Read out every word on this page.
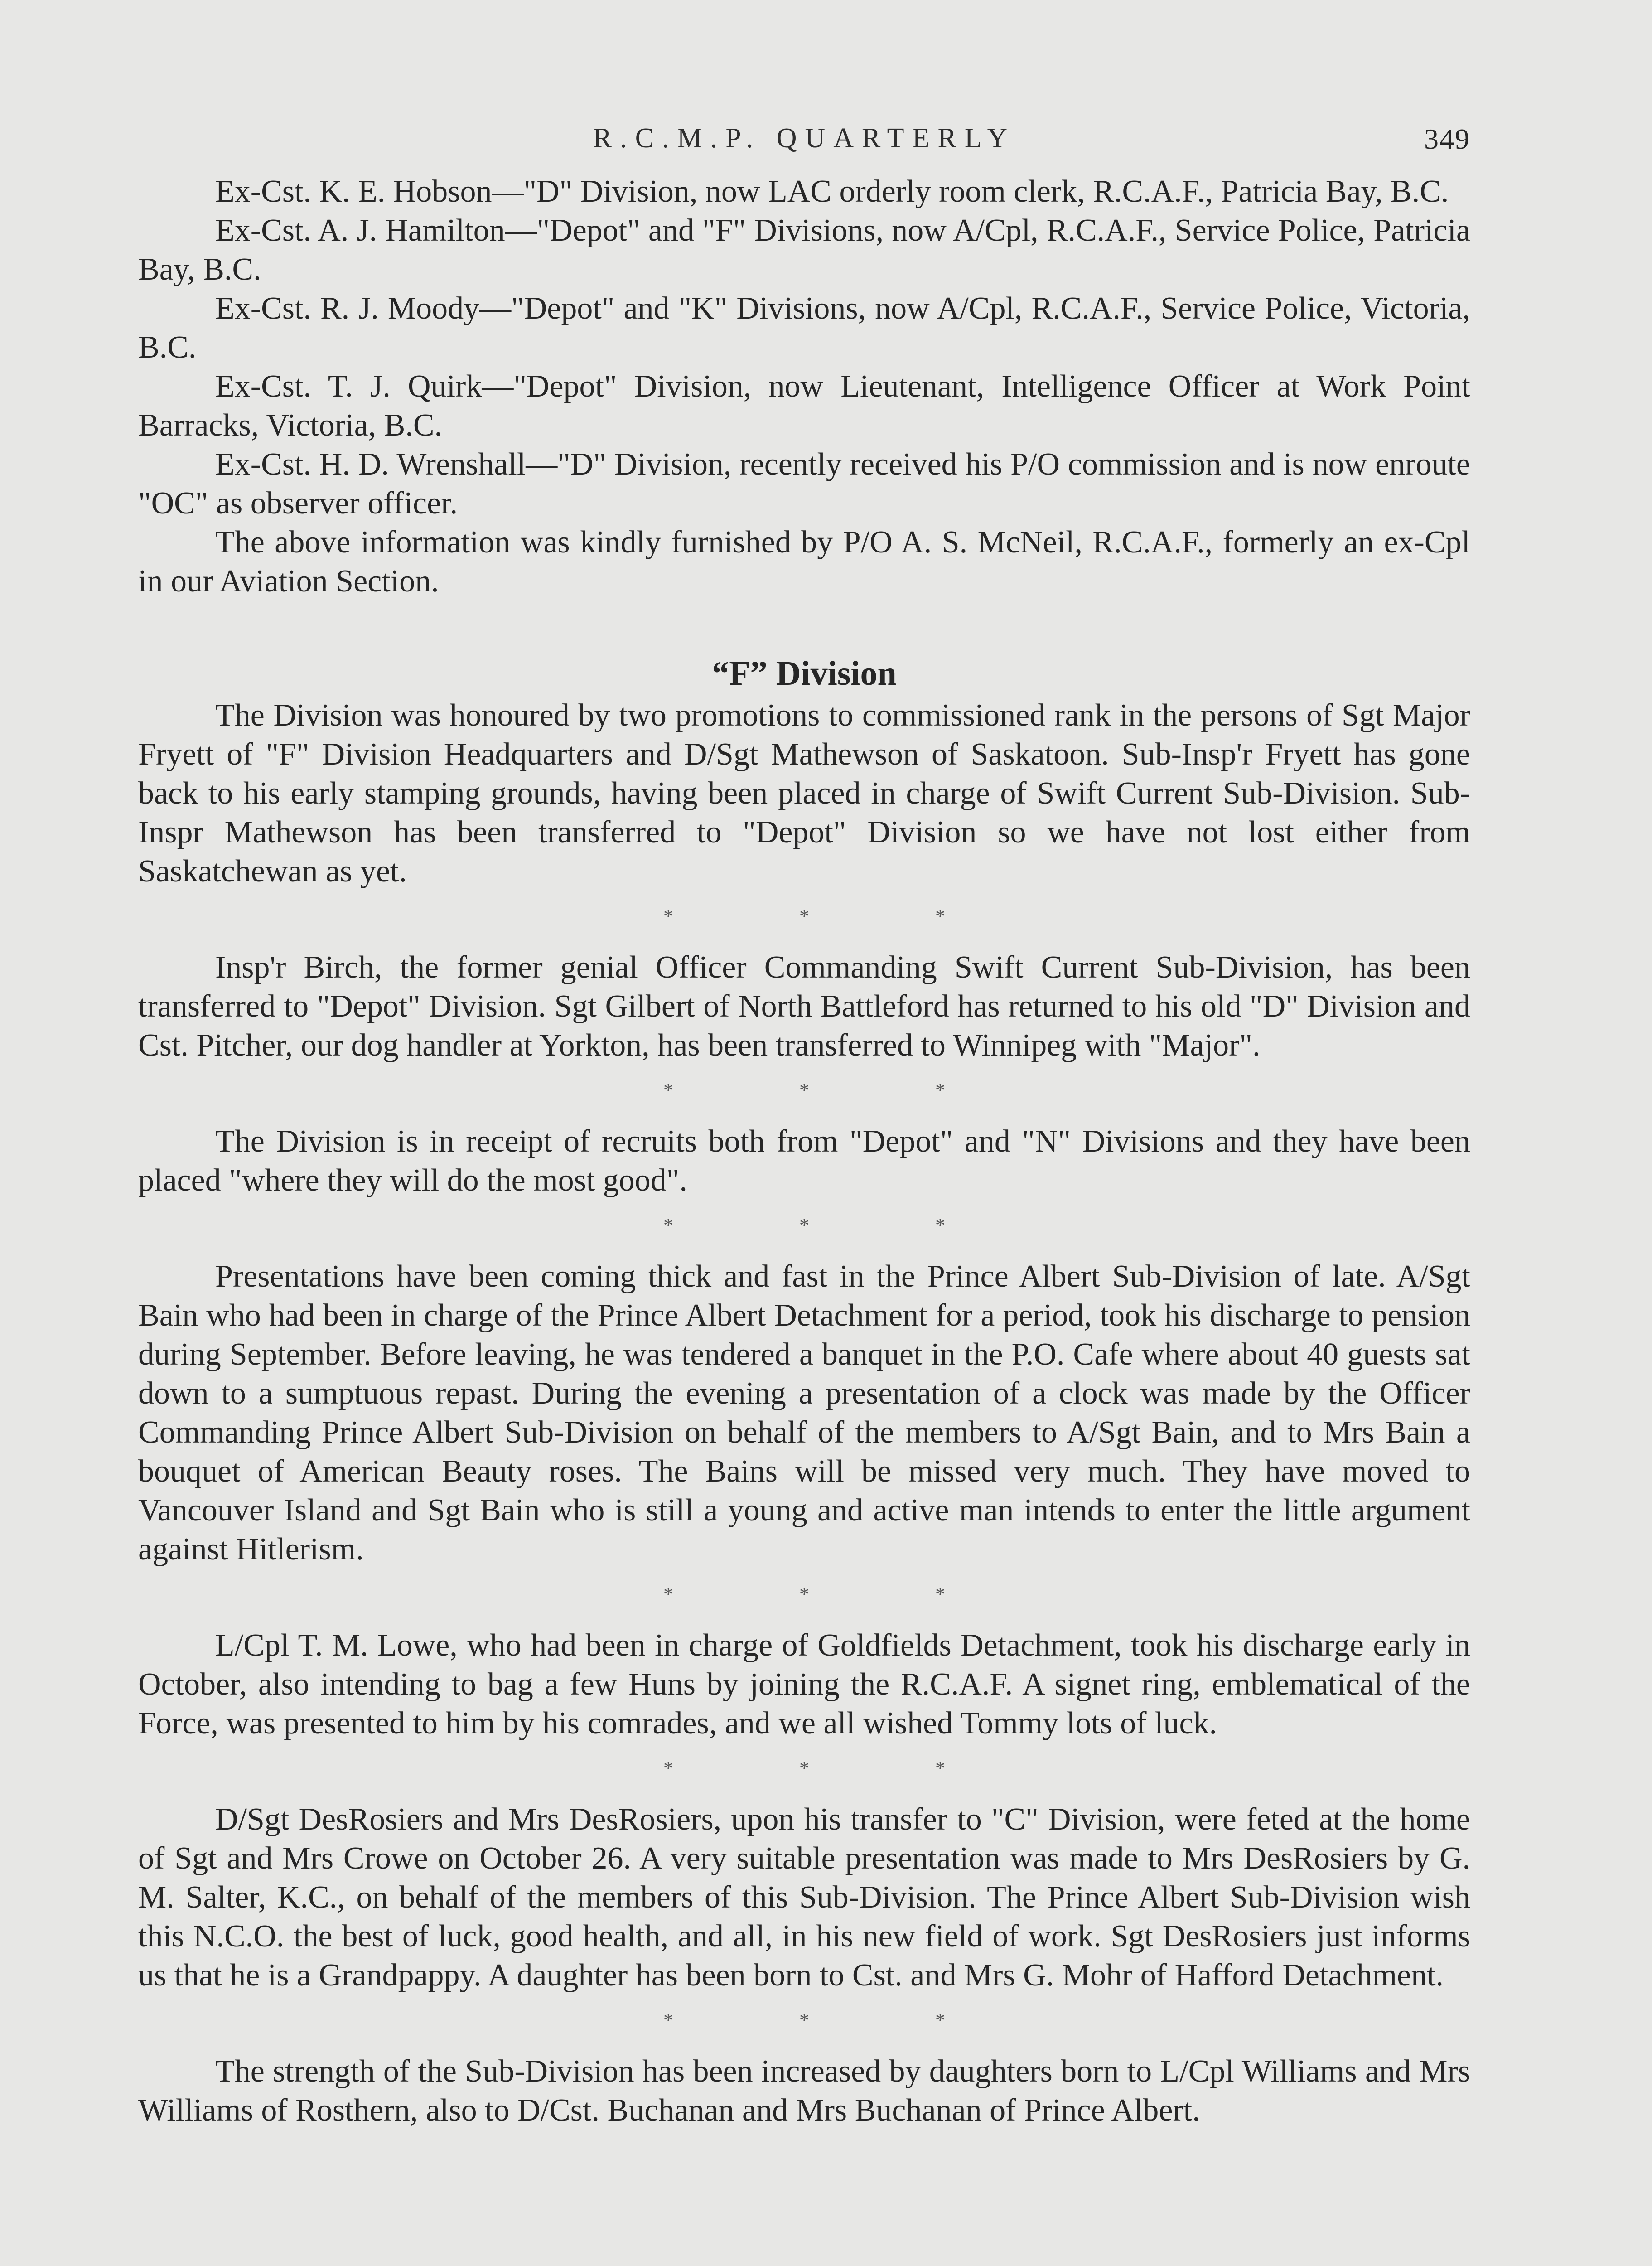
R.C.M.P. QUARTERLY	349

Ex-Cst. K. E. Hobson—"D" Division, now LAC orderly room clerk, R.C.A.F., Patricia Bay, B.C.

Ex-Cst. A. J. Hamilton—"Depot" and "F" Divisions, now A/Cpl, R.C.A.F., Service Police, Patricia Bay, B.C.

Ex-Cst. R. J. Moody—"Depot" and "K" Divisions, now A/Cpl, R.C.A.F., Service Police, Victoria, B.C.

Ex-Cst. T. J. Quirk—"Depot" Division, now Lieutenant, Intelligence Officer at Work Point Barracks, Victoria, B.C.

Ex-Cst. H. D. Wrenshall—"D" Division, recently received his P/O commission and is now enroute "OC" as observer officer.

The above information was kindly furnished by P/O A. S. McNeil, R.C.A.F., formerly an ex-Cpl in our Aviation Section.

“F” Division

The Division was honoured by two promotions to commissioned rank in the persons of Sgt Major Fryett of "F" Division Headquarters and D/Sgt Mathewson of Saskatoon. Sub-Insp'r Fryett has gone back to his early stamping grounds, having been placed in charge of Swift Current Sub-Division. Sub-Inspr Mathewson has been transferred to "Depot" Division so we have not lost either from Saskatchewan as yet.

*	*	*

Insp'r Birch, the former genial Officer Commanding Swift Current Sub-Division, has been transferred to "Depot" Division. Sgt Gilbert of North Battleford has returned to his old "D" Division and Cst. Pitcher, our dog handler at Yorkton, has been transferred to Winnipeg with "Major".

*	*	*

The Division is in receipt of recruits both from "Depot" and "N" Divisions and they have been placed "where they will do the most good".

*	*	*

Presentations have been coming thick and fast in the Prince Albert Sub-Division of late. A/Sgt Bain who had been in charge of the Prince Albert Detachment for a period, took his discharge to pension during September. Before leaving, he was tendered a banquet in the P.O. Cafe where about 40 guests sat down to a sumptuous repast. During the evening a presentation of a clock was made by the Officer Commanding Prince Albert Sub-Division on behalf of the members to A/Sgt Bain, and to Mrs Bain a bouquet of American Beauty roses. The Bains will be missed very much. They have moved to Vancouver Island and Sgt Bain who is still a young and active man intends to enter the little argument against Hitlerism.

*	*	*

L/Cpl T. M. Lowe, who had been in charge of Goldfields Detachment, took his discharge early in October, also intending to bag a few Huns by joining the R.C.A.F. A signet ring, emblematical of the Force, was presented to him by his comrades, and we all wished Tommy lots of luck.

*	*	*

D/Sgt DesRosiers and Mrs DesRosiers, upon his transfer to "C" Division, were feted at the home of Sgt and Mrs Crowe on October 26. A very suitable presentation was made to Mrs DesRosiers by G. M. Salter, K.C., on behalf of the members of this Sub-Division. The Prince Albert Sub-Division wish this N.C.O. the best of luck, good health, and all, in his new field of work. Sgt DesRosiers just informs us that he is a Grandpappy. A daughter has been born to Cst. and Mrs G. Mohr of Hafford Detachment.

*	*	*

The strength of the Sub-Division has been increased by daughters born to L/Cpl Williams and Mrs Williams of Rosthern, also to D/Cst. Buchanan and Mrs Buchanan of Prince Albert.
